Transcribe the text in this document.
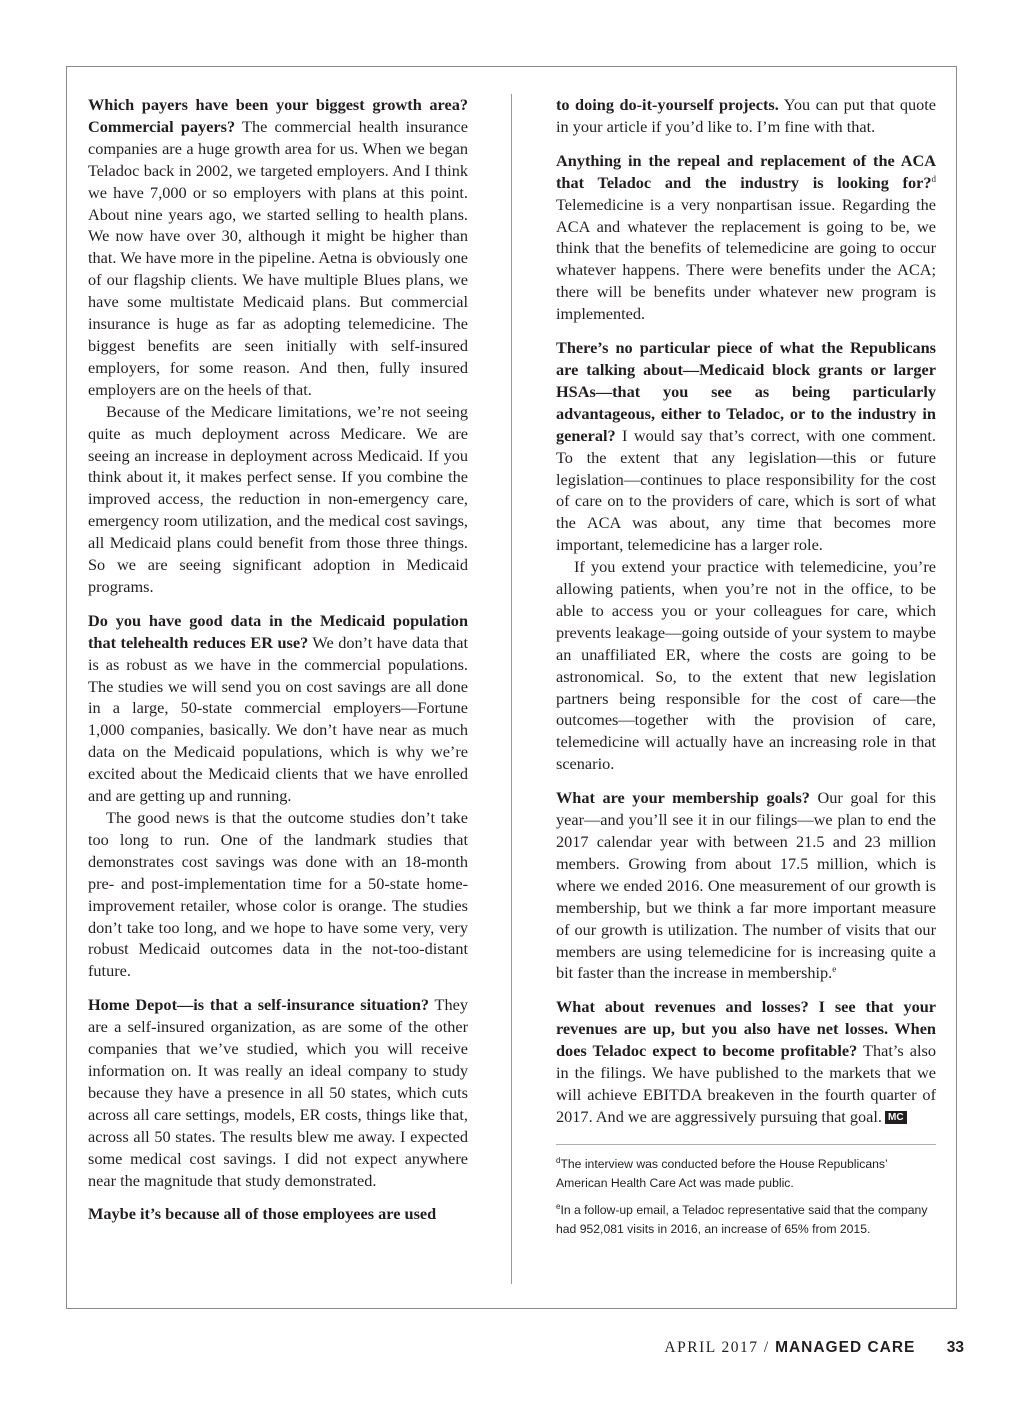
Which payers have been your biggest growth area? Commercial payers? The commercial health insurance companies are a huge growth area for us. When we began Teladoc back in 2002, we targeted employers. And I think we have 7,000 or so employers with plans at this point. About nine years ago, we started selling to health plans. We now have over 30, although it might be higher than that. We have more in the pipeline. Aetna is obviously one of our flagship clients. We have multiple Blues plans, we have some multistate Medicaid plans. But commercial insurance is huge as far as adopting telemedicine. The biggest benefits are seen initially with self-insured employers, for some reason. And then, fully insured employers are on the heels of that.

Because of the Medicare limitations, we’re not seeing quite as much deployment across Medicare. We are seeing an increase in deployment across Medicaid. If you think about it, it makes perfect sense. If you combine the improved access, the reduction in non-emergency care, emergency room utilization, and the medical cost savings, all Medicaid plans could benefit from those three things. So we are seeing significant adoption in Medicaid programs.

Do you have good data in the Medicaid population that telehealth reduces ER use? We don’t have data that is as robust as we have in the commercial populations. The studies we will send you on cost savings are all done in a large, 50-state commercial employers—Fortune 1,000 companies, basically. We don’t have near as much data on the Medicaid populations, which is why we’re excited about the Medicaid clients that we have enrolled and are getting up and running.

The good news is that the outcome studies don’t take too long to run. One of the landmark studies that demonstrates cost savings was done with an 18-month pre- and post-implementation time for a 50-state home-improvement retailer, whose color is orange. The studies don’t take too long, and we hope to have some very, very robust Medicaid outcomes data in the not-too-distant future.

Home Depot—is that a self-insurance situation? They are a self-insured organization, as are some of the other companies that we’ve studied, which you will receive information on. It was really an ideal company to study because they have a presence in all 50 states, which cuts across all care settings, models, ER costs, things like that, across all 50 states. The results blew me away. I expected some medical cost savings. I did not expect anywhere near the magnitude that study demonstrated.

Maybe it’s because all of those employees are used

to doing do-it-yourself projects. You can put that quote in your article if you’d like to. I’m fine with that.

Anything in the repeal and replacement of the ACA that Teladoc and the industry is looking for?$^d$ Telemedicine is a very nonpartisan issue. Regarding the ACA and whatever the replacement is going to be, we think that the benefits of telemedicine are going to occur whatever happens. There were benefits under the ACA; there will be benefits under whatever new program is implemented.

There’s no particular piece of what the Republicans are talking about—Medicaid block grants or larger HSAs—that you see as being particularly advantageous, either to Teladoc, or to the industry in general? I would say that’s correct, with one comment. To the extent that any legislation—this or future legislation—continues to place responsibility for the cost of care on to the providers of care, which is sort of what the ACA was about, any time that becomes more important, telemedicine has a larger role.

If you extend your practice with telemedicine, you’re allowing patients, when you’re not in the office, to be able to access you or your colleagues for care, which prevents leakage—going outside of your system to maybe an unaffiliated ER, where the costs are going to be astronomical. So, to the extent that new legislation partners being responsible for the cost of care—the outcomes—together with the provision of care, telemedicine will actually have an increasing role in that scenario.

What are your membership goals? Our goal for this year—and you’ll see it in our filings—we plan to end the 2017 calendar year with between 21.5 and 23 million members. Growing from about 17.5 million, which is where we ended 2016. One measurement of our growth is membership, but we think a far more important measure of our growth is utilization. The number of visits that our members are using telemedicine for is increasing quite a bit faster than the increase in membership.$^e$

What about revenues and losses? I see that your revenues are up, but you also have net losses. When does Teladoc expect to become profitable? That’s also in the filings. We have published to the markets that we will achieve EBITDA breakeven in the fourth quarter of 2017. And we are aggressively pursuing that goal. MC

$^d$The interview was conducted before the House Republicans’ American Health Care Act was made public.
$^e$In a follow-up email, a Teladoc representative said that the company had 952,081 visits in 2016, an increase of 65% from 2015.
APRIL 2017 / MANAGED CARE 33
